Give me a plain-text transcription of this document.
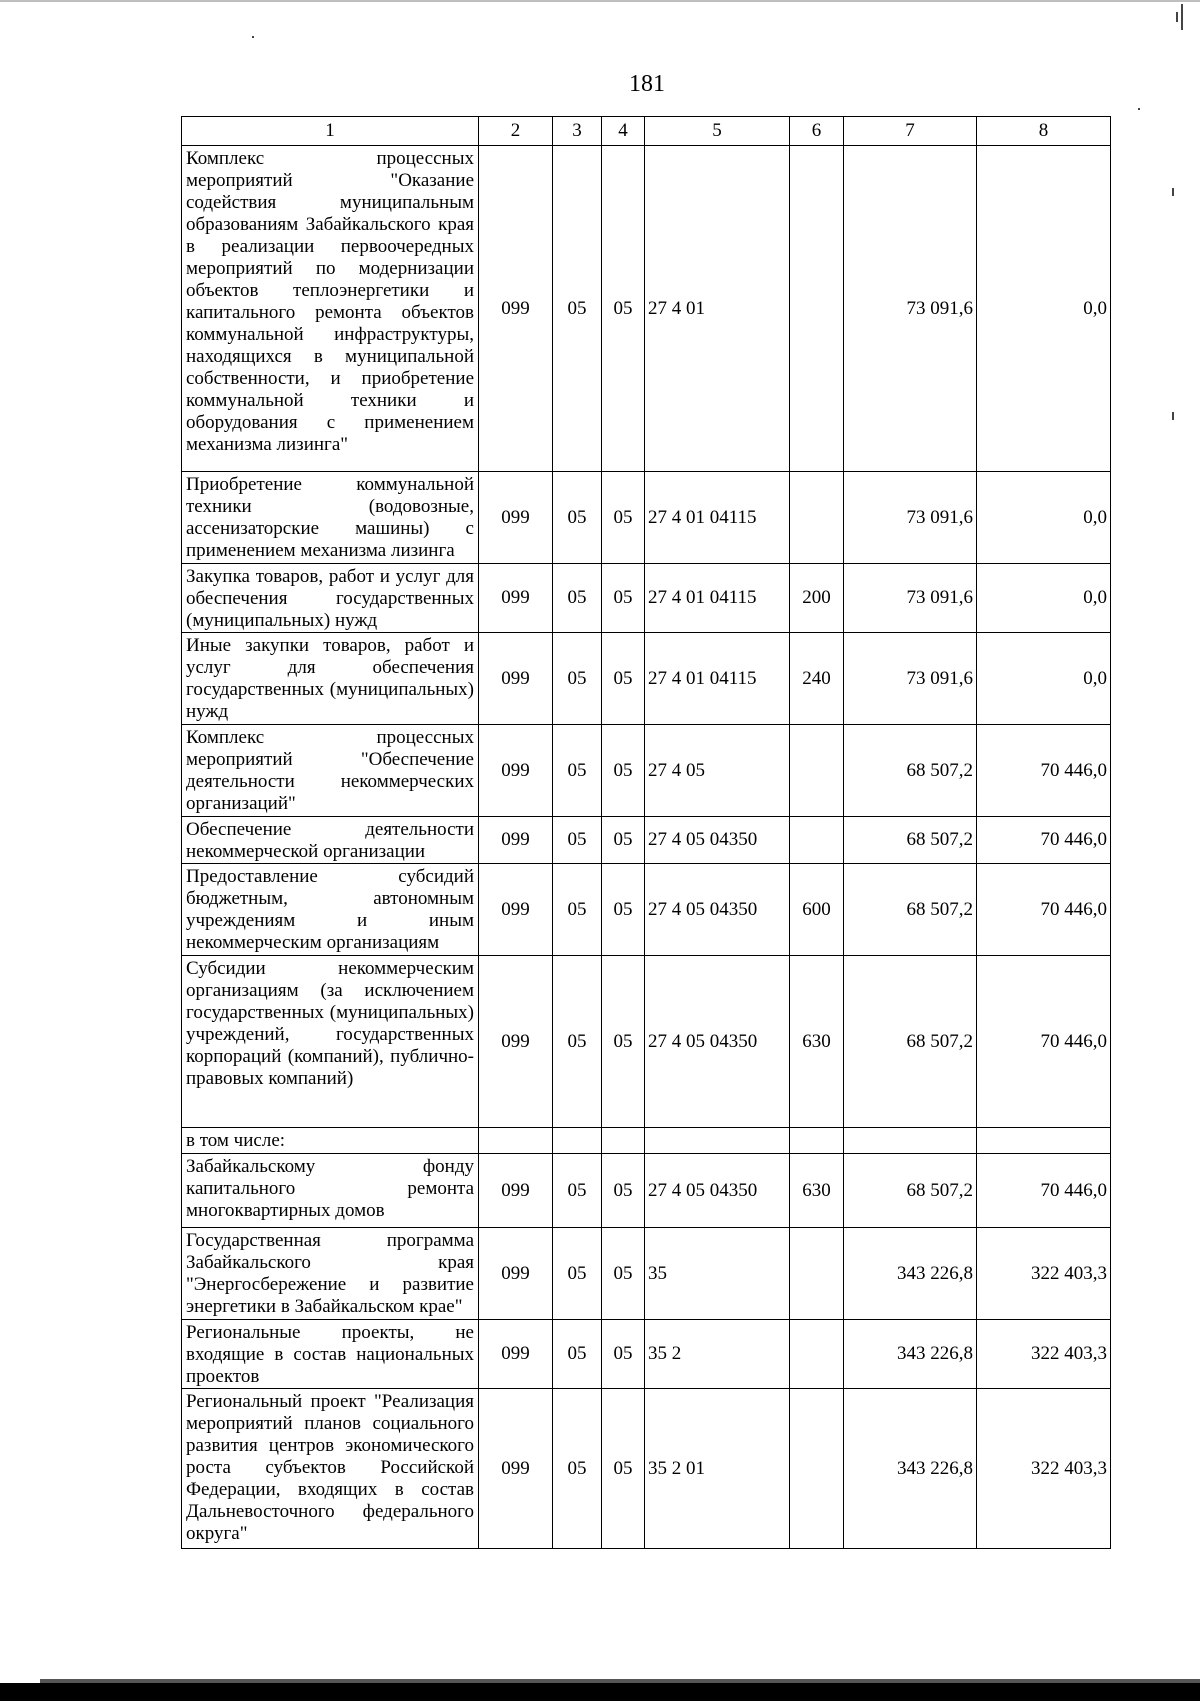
181
1	2	3	4	5	6	7	8
Комплекс процессных мероприятий "Оказание содействия муниципальным образованиям Забайкальского края в реализации первоочередных мероприятий по модернизации объектов теплоэнергетики и капитального ремонта объектов коммунальной инфраструктуры, находящихся в муниципальной собственности, и приобретение коммунальной техники и оборудования с применением механизма лизинга"	099	05	05	27 4 01		73 091,6	0,0
Приобретение коммунальной техники (водовозные, ассенизаторские машины) с применением механизма лизинга	099	05	05	27 4 01 04115		73 091,6	0,0
Закупка товаров, работ и услуг для обеспечения государственных (муниципальных) нужд	099	05	05	27 4 01 04115	200	73 091,6	0,0
Иные закупки товаров, работ и услуг для обеспечения государственных (муниципальных) нужд	099	05	05	27 4 01 04115	240	73 091,6	0,0
Комплекс процессных мероприятий "Обеспечение деятельности некоммерческих организаций"	099	05	05	27 4 05		68 507,2	70 446,0
Обеспечение деятельности некоммерческой организации	099	05	05	27 4 05 04350		68 507,2	70 446,0
Предоставление субсидий бюджетным, автономным учреждениям и иным некоммерческим организациям	099	05	05	27 4 05 04350	600	68 507,2	70 446,0
Субсидии некоммерческим организациям (за исключением государственных (муниципальных) учреждений, государственных корпораций (компаний), публично-правовых компаний)	099	05	05	27 4 05 04350	630	68 507,2	70 446,0
в том числе:							
Забайкальскому фонду капитального ремонта многоквартирных домов	099	05	05	27 4 05 04350	630	68 507,2	70 446,0
Государственная программа Забайкальского края "Энергосбережение и развитие энергетики в Забайкальском крае"	099	05	05	35		343 226,8	322 403,3
Региональные проекты, не входящие в состав национальных проектов	099	05	05	35 2		343 226,8	322 403,3
Региональный проект "Реализация мероприятий планов социального развития центров экономического роста субъектов Российской Федерации, входящих в состав Дальневосточного федерального округа"	099	05	05	35 2 01		343 226,8	322 403,3
